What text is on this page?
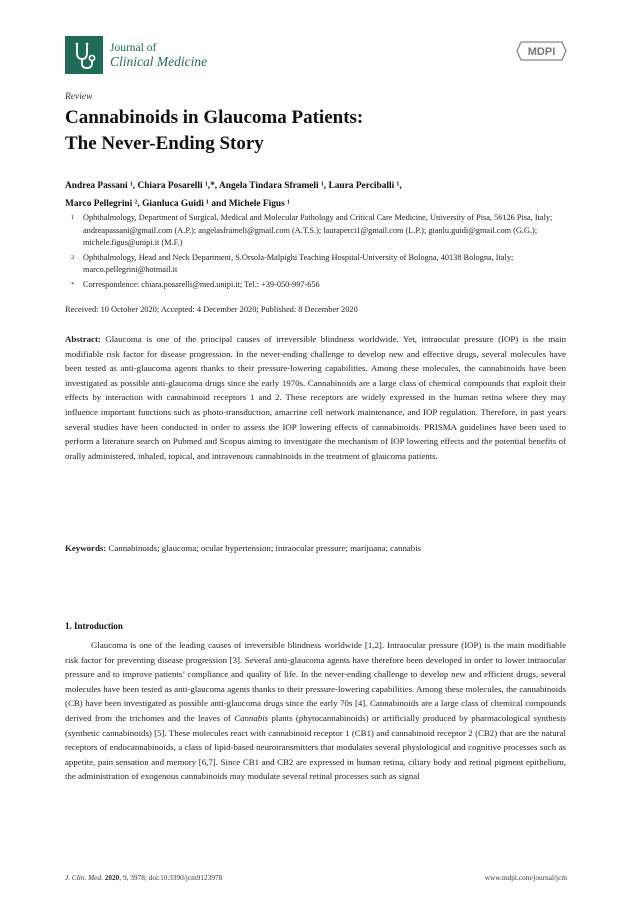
Journal of
Clinical Medicine
MDPI
Review
Cannabinoids in Glaucoma Patients:
The Never-Ending Story
Andrea Passani ¹, Chiara Posarelli ¹,*, Angela Tindara Sframeli ¹, Laura Perciballi ¹,
Marco Pellegrini ², Gianluca Guidi ¹ and Michele Figus ¹
1	Ophthalmology, Department of Surgical, Medical and Molecular Pathology and Critical Care Medicine, University of Pisa, 56126 Pisa, Italy; andreapassani@gmail.com (A.P.); angelasframeli@gmail.com (A.T.S.); lauraperci1@gmail.com (L.P.); gianlu.guidi@gmail.com (G.G.); michele.figus@unipi.it (M.F.)
2	Ophthalmology, Head and Neck Department, S.Orsola-Malpighi Teaching Hospital-University of Bologna, 40138 Bologna, Italy; marco.pellegrini@hotmail.it
*	Correspondence: chiara.posarelli@med.unipi.it; Tel.: +39-050-997-656
Received: 10 October 2020; Accepted: 4 December 2020; Published: 8 December 2020
Abstract: Glaucoma is one of the principal causes of irreversible blindness worldwide. Yet, intraocular pressure (IOP) is the main modifiable risk factor for disease progression. In the never-ending challenge to develop new and effective drugs, several molecules have been tested as anti-glaucoma agents thanks to their pressure-lowering capabilities. Among these molecules, the cannabinoids have been investigated as possible anti-glaucoma drugs since the early 1970s. Cannabinoids are a large class of chemical compounds that exploit their effects by interaction with cannabinoid receptors 1 and 2. These receptors are widely expressed in the human retina where they may influence important functions such as photo-transduction, amacrine cell network maintenance, and IOP regulation. Therefore, in past years several studies have been conducted in order to assess the IOP lowering effects of cannabinoids. PRISMA guidelines have been used to perform a literature search on Pubmed and Scopus aiming to investigate the mechanism of IOP lowering effects and the potential benefits of orally administered, inhaled, topical, and intravenous cannabinoids in the treatment of glaucoma patients.
Keywords: Cannabinoids; glaucoma; ocular hypertension; intraocular pressure; marijuana; cannabis
1. Introduction
Glaucoma is one of the leading causes of irreversible blindness worldwide [1,2]. Intraocular pressure (IOP) is the main modifiable risk factor for preventing disease progression [3]. Several anti-glaucoma agents have therefore been developed in order to lower intraocular pressure and to improve patients’ compliance and quality of life. In the never-ending challenge to develop new and efficient drugs, several molecules have been tested as anti-glaucoma agents thanks to their pressure-lowering capabilities. Among these molecules, the cannabinoids (CB) have been investigated as possible anti-glaucoma drugs since the early 70s [4]. Cannabinoids are a large class of chemical compounds derived from the trichomes and the leaves of Cannabis plants (phytocannabinoids) or artificially produced by pharmacological synthesis (synthetic cannabinoids) [5]. These molecules react with cannabinoid receptor 1 (CB1) and cannabinoid receptor 2 (CB2) that are the natural receptors of endocannabinoids, a class of lipid-based neurotransmitters that modulates several physiological and cognitive processes such as appetite, pain sensation and memory [6,7]. Since CB1 and CB2 are expressed in human retina, ciliary body and retinal pigment epithelium, the administration of exogenous cannabinoids may modulate several retinal processes such as signal
J. Clin. Med. 2020, 9, 3978; doi:10.3390/jcm9123978	www.mdpi.com/journal/jcm
